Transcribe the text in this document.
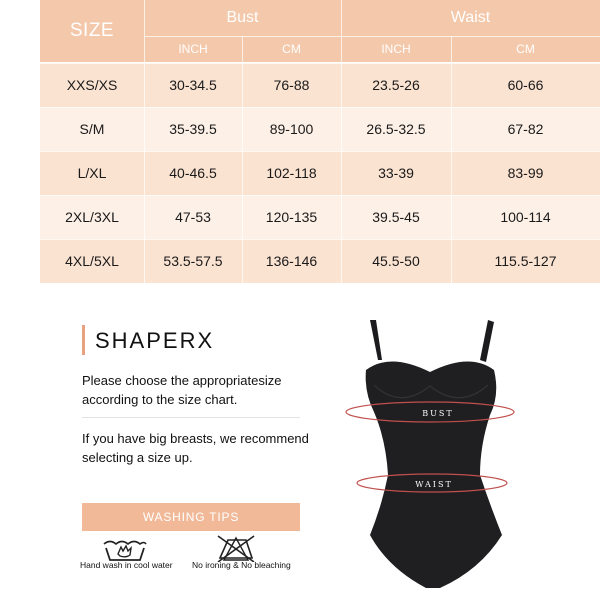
SIZE
Bust	Waist
INCH	CM	INCH	CM
XXS/XS	30-34.5	76-88	23.5-26	60-66
S/M	35-39.5	89-100	26.5-32.5	67-82
L/XL	40-46.5	102-118	33-39	83-99
2XL/3XL	47-53	120-135	39.5-45	100-114
4XL/5XL	53.5-57.5	136-146	45.5-50	115.5-127
SHAPERX
Please choose the appropriatesize according to the size chart.
If you have big breasts, we recommend selecting a size up.
WASHING TIPS
Hand wash in cool water No ironing & No bleaching
BUST
WAIST
